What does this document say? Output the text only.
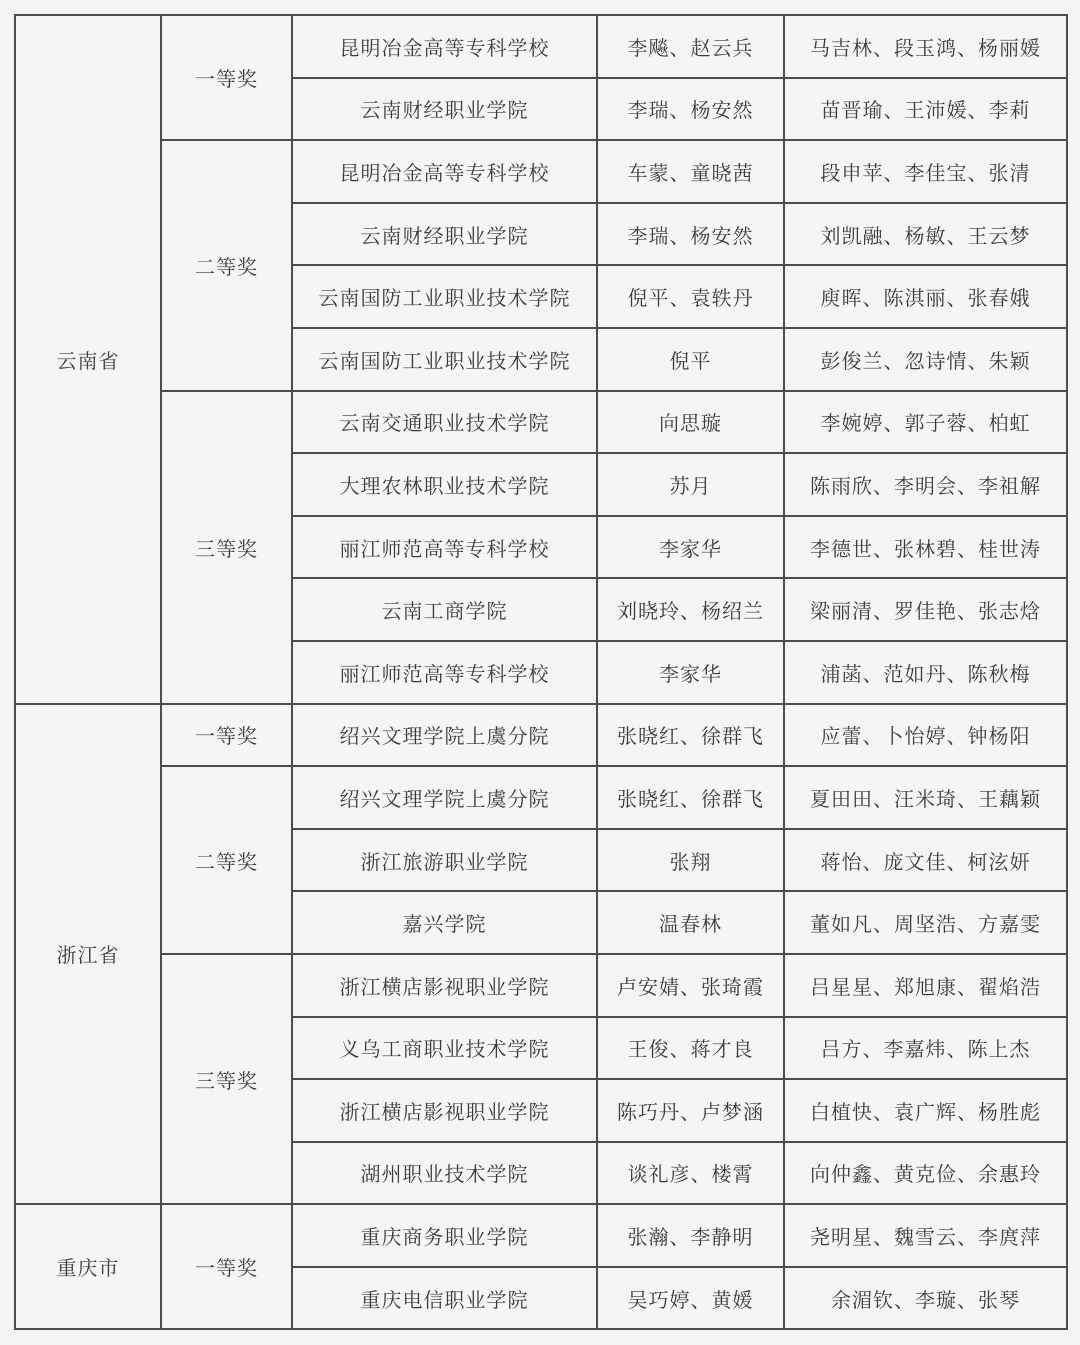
云南省	一等奖	昆明冶金高等专科学校	李飚、赵云兵	马吉林、段玉鸿、杨丽媛
		云南财经职业学院	李瑞、杨安然	苗晋瑜、王沛媛、李莉
	二等奖	昆明冶金高等专科学校	车蒙、童晓茜	段申苹、李佳宝、张清
		云南财经职业学院	李瑞、杨安然	刘凯融、杨敏、王云梦
		云南国防工业职业技术学院	倪平、袁轶丹	庾晖、陈淇丽、张春娥
		云南国防工业职业技术学院	倪平	彭俊兰、忽诗情、朱颖
	三等奖	云南交通职业技术学院	向思璇	李婉婷、郭子蓉、柏虹
		大理农林职业技术学院	苏月	陈雨欣、李明会、李祖解
		丽江师范高等专科学校	李家华	李德世、张林碧、桂世涛
		云南工商学院	刘晓玲、杨绍兰	梁丽清、罗佳艳、张志焓
		丽江师范高等专科学校	李家华	浦菡、范如丹、陈秋梅
浙江省	一等奖	绍兴文理学院上虞分院	张晓红、徐群飞	应蕾、卜怡婷、钟杨阳
	二等奖	绍兴文理学院上虞分院	张晓红、徐群飞	夏田田、汪米琦、王藕颖
		浙江旅游职业学院	张翔	蒋怡、庞文佳、柯泫妍
		嘉兴学院	温春林	董如凡、周坚浩、方嘉雯
	三等奖	浙江横店影视职业学院	卢安婧、张琦霞	吕星星、郑旭康、翟焰浩
		义乌工商职业技术学院	王俊、蒋才良	吕方、李嘉炜、陈上杰
		浙江横店影视职业学院	陈巧丹、卢梦涵	白植快、袁广辉、杨胜彪
		湖州职业技术学院	谈礼彦、楼霄	向仲鑫、黄克俭、余惠玲
重庆市	一等奖	重庆商务职业学院	张瀚、李静明	尧明星、魏雪云、李庹萍
		重庆电信职业学院	吴巧婷、黄媛	余湄钦、李璇、张琴
